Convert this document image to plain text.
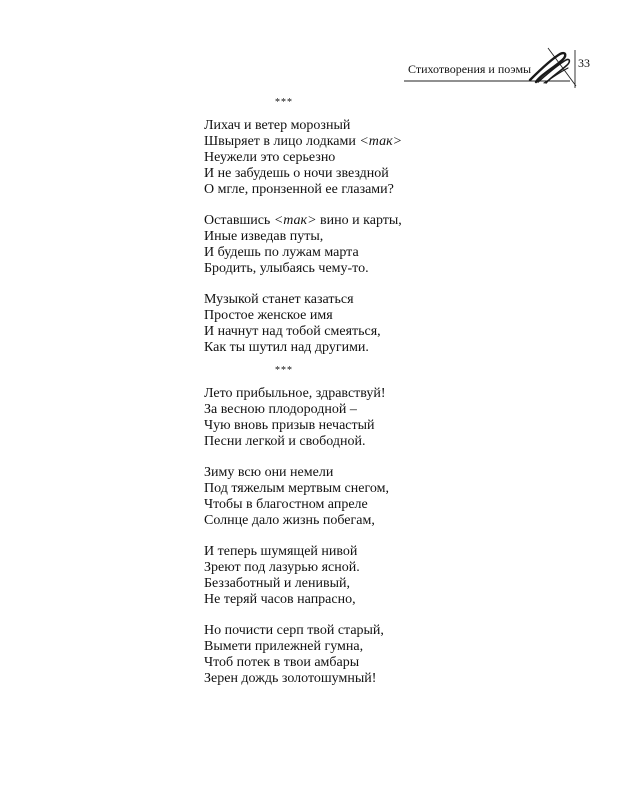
Стихотворения и поэмы	33
***
Лихач и ветер морозный
Швыряет в лицо лодками <так>
Неужели это серьезно
И не забудешь о ночи звездной
О мгле, пронзенной ее глазами?
Оставшись <так> вино и карты,
Иные изведав путы,
И будешь по лужам марта
Бродить, улыбаясь чему-то.
Музыкой станет казаться
Простое женское имя
И начнут над тобой смеяться,
Как ты шутил над другими.
***
Лето прибыльное, здравствуй!
За весною плодородной –
Чую вновь призыв нечастый
Песни легкой и свободной.
Зиму всю они немели
Под тяжелым мертвым снегом,
Чтобы в благостном апреле
Солнце дало жизнь побегам,
И теперь шумящей нивой
Зреют под лазурью ясной.
Беззаботный и ленивый,
Не теряй часов напрасно,
Но почисти серп твой старый,
Вымети прилежней гумна,
Чтоб потек в твои амбары
Зерен дождь золотошумный!
